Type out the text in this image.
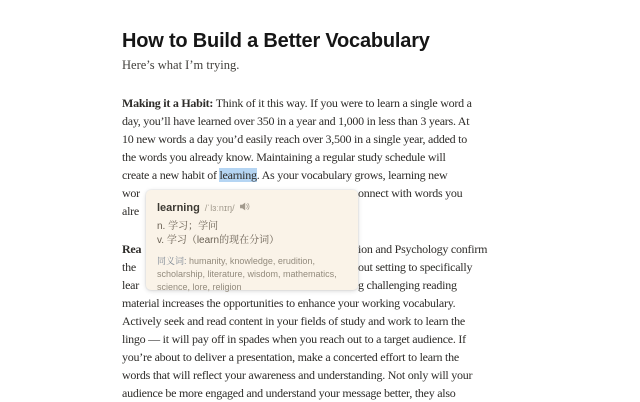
How to Build a Better Vocabulary

Here’s what I’m trying.

Making it a Habit: Think of it this way. If you were to learn a single word a
day, you’ll have learned over 350 in a year and 1,000 in less than 3 years. At
10 new words a day you’d easily reach over 3,500 in a single year, added to
the words you already know. Maintaining a regular study schedule will
create a new habit of learning. As your vocabulary grows, learning new
wor	onnect with words you
alre
Rea	ion and Psychology confirm
the	out setting to specifically
lear	g challenging reading
material increases the opportunities to enhance your working vocabulary.
Actively seek and read content in your fields of study and work to learn the
lingo — it will pay off in spades when you reach out to a target audience. If
you’re about to deliver a presentation, make a concerted effort to learn the
words that will reflect your awareness and understanding. Not only will your
audience be more engaged and understand your message better, they also
learning /ˈlɜːnɪŋ/
n. 学习；学问
v. 学习（learn的现在分词）
同义词: humanity, knowledge, erudition, scholarship, literature, wisdom, mathematics, science, lore, religion
